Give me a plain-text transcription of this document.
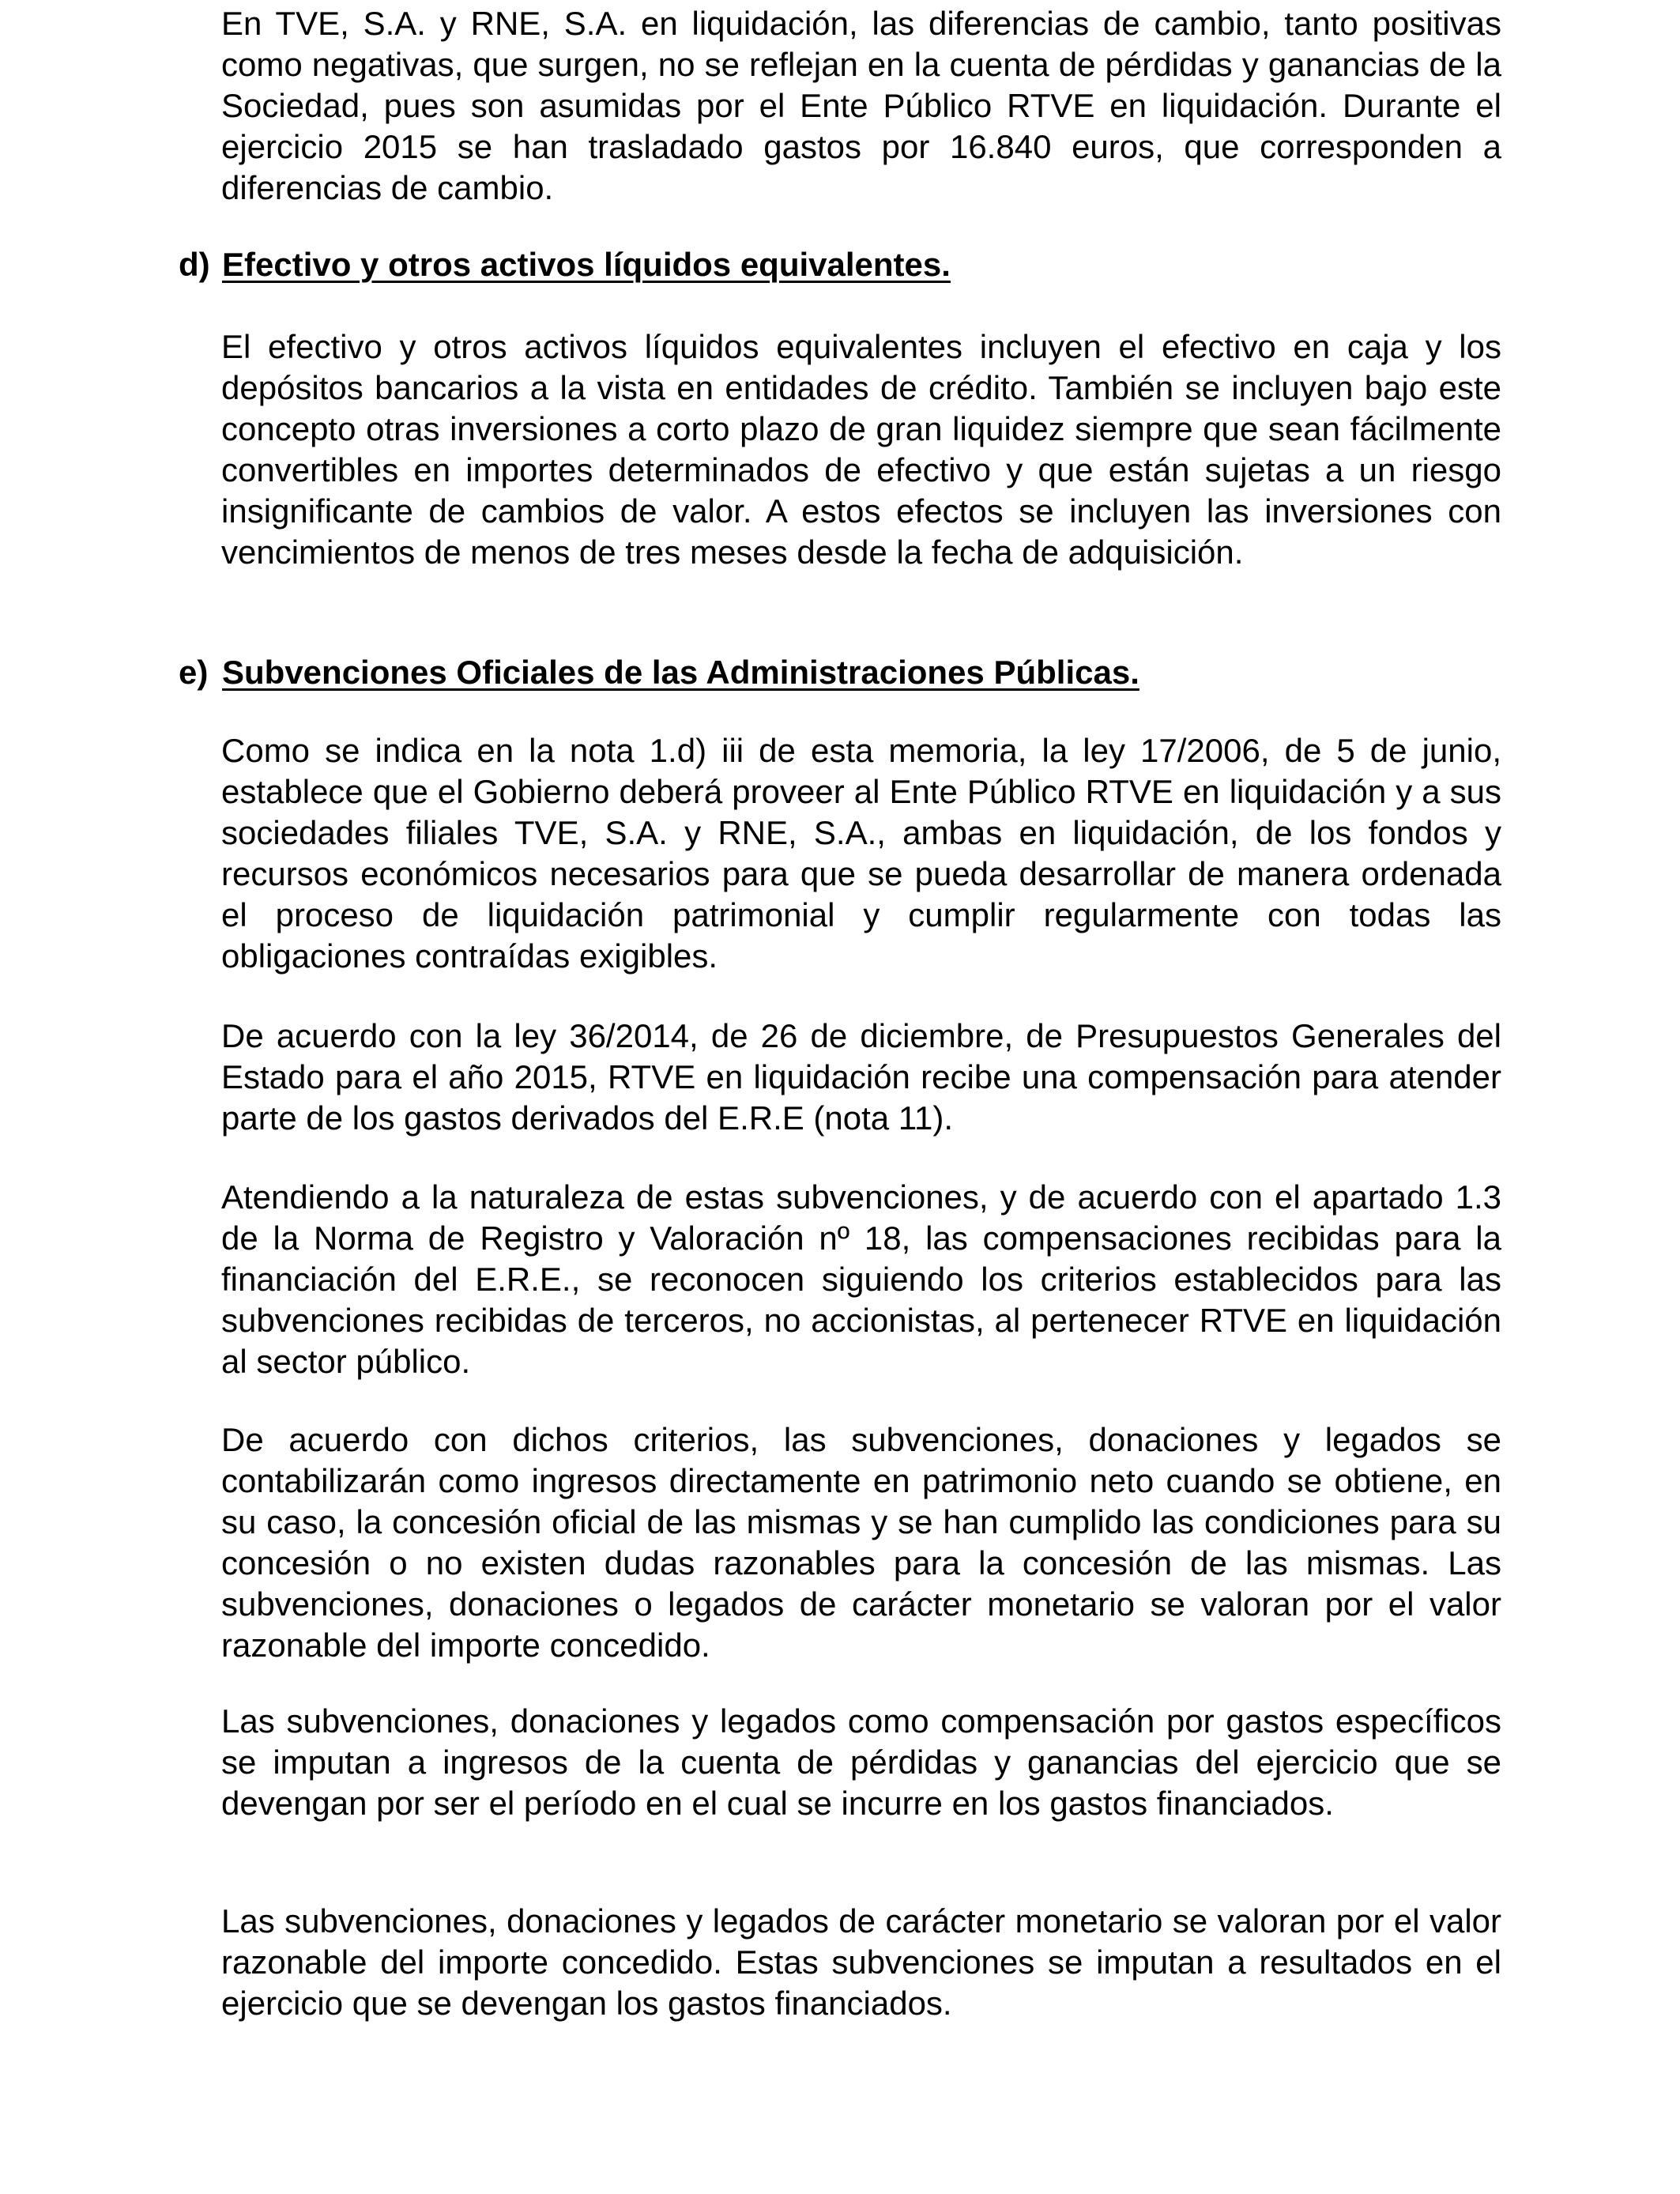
En TVE, S.A. y RNE, S.A. en liquidación, las diferencias de cambio, tanto positivas como negativas, que surgen, no se reflejan en la cuenta de pérdidas y ganancias de la Sociedad, pues son asumidas por el Ente Público RTVE en liquidación. Durante el ejercicio 2015 se han trasladado gastos por 16.840 euros, que corresponden a diferencias de cambio.

d) Efectivo y otros activos líquidos equivalentes.

El efectivo y otros activos líquidos equivalentes incluyen el efectivo en caja y los depósitos bancarios a la vista en entidades de crédito. También se incluyen bajo este concepto otras inversiones a corto plazo de gran liquidez siempre que sean fácilmente convertibles en importes determinados de efectivo y que están sujetas a un riesgo insignificante de cambios de valor. A estos efectos se incluyen las inversiones con vencimientos de menos de tres meses desde la fecha de adquisición.

e) Subvenciones Oficiales de las Administraciones Públicas.

Como se indica en la nota 1.d) iii de esta memoria, la ley 17/2006, de 5 de junio, establece que el Gobierno deberá proveer al Ente Público RTVE en liquidación y a sus sociedades filiales TVE, S.A. y RNE, S.A., ambas en liquidación, de los fondos y recursos económicos necesarios para que se pueda desarrollar de manera ordenada el proceso de liquidación patrimonial y cumplir regularmente con todas las obligaciones contraídas exigibles.

De acuerdo con la ley 36/2014, de 26 de diciembre, de Presupuestos Generales del Estado para el año 2015, RTVE en liquidación recibe una compensación para atender parte de los gastos derivados del E.R.E (nota 11).

Atendiendo a la naturaleza de estas subvenciones, y de acuerdo con el apartado 1.3 de la Norma de Registro y Valoración nº 18, las compensaciones recibidas para la financiación del E.R.E., se reconocen siguiendo los criterios establecidos para las subvenciones recibidas de terceros, no accionistas, al pertenecer RTVE en liquidación al sector público.

De acuerdo con dichos criterios, las subvenciones, donaciones y legados se contabilizarán como ingresos directamente en patrimonio neto cuando se obtiene, en su caso, la concesión oficial de las mismas y se han cumplido las condiciones para su concesión o no existen dudas razonables para la concesión de las mismas. Las subvenciones, donaciones o legados de carácter monetario se valoran por el valor razonable del importe concedido.

Las subvenciones, donaciones y legados como compensación por gastos específicos se imputan a ingresos de la cuenta de pérdidas y ganancias del ejercicio que se devengan por ser el período en el cual se incurre en los gastos financiados.

Las subvenciones, donaciones y legados de carácter monetario se valoran por el valor razonable del importe concedido. Estas subvenciones se imputan a resultados en el ejercicio que se devengan los gastos financiados.
